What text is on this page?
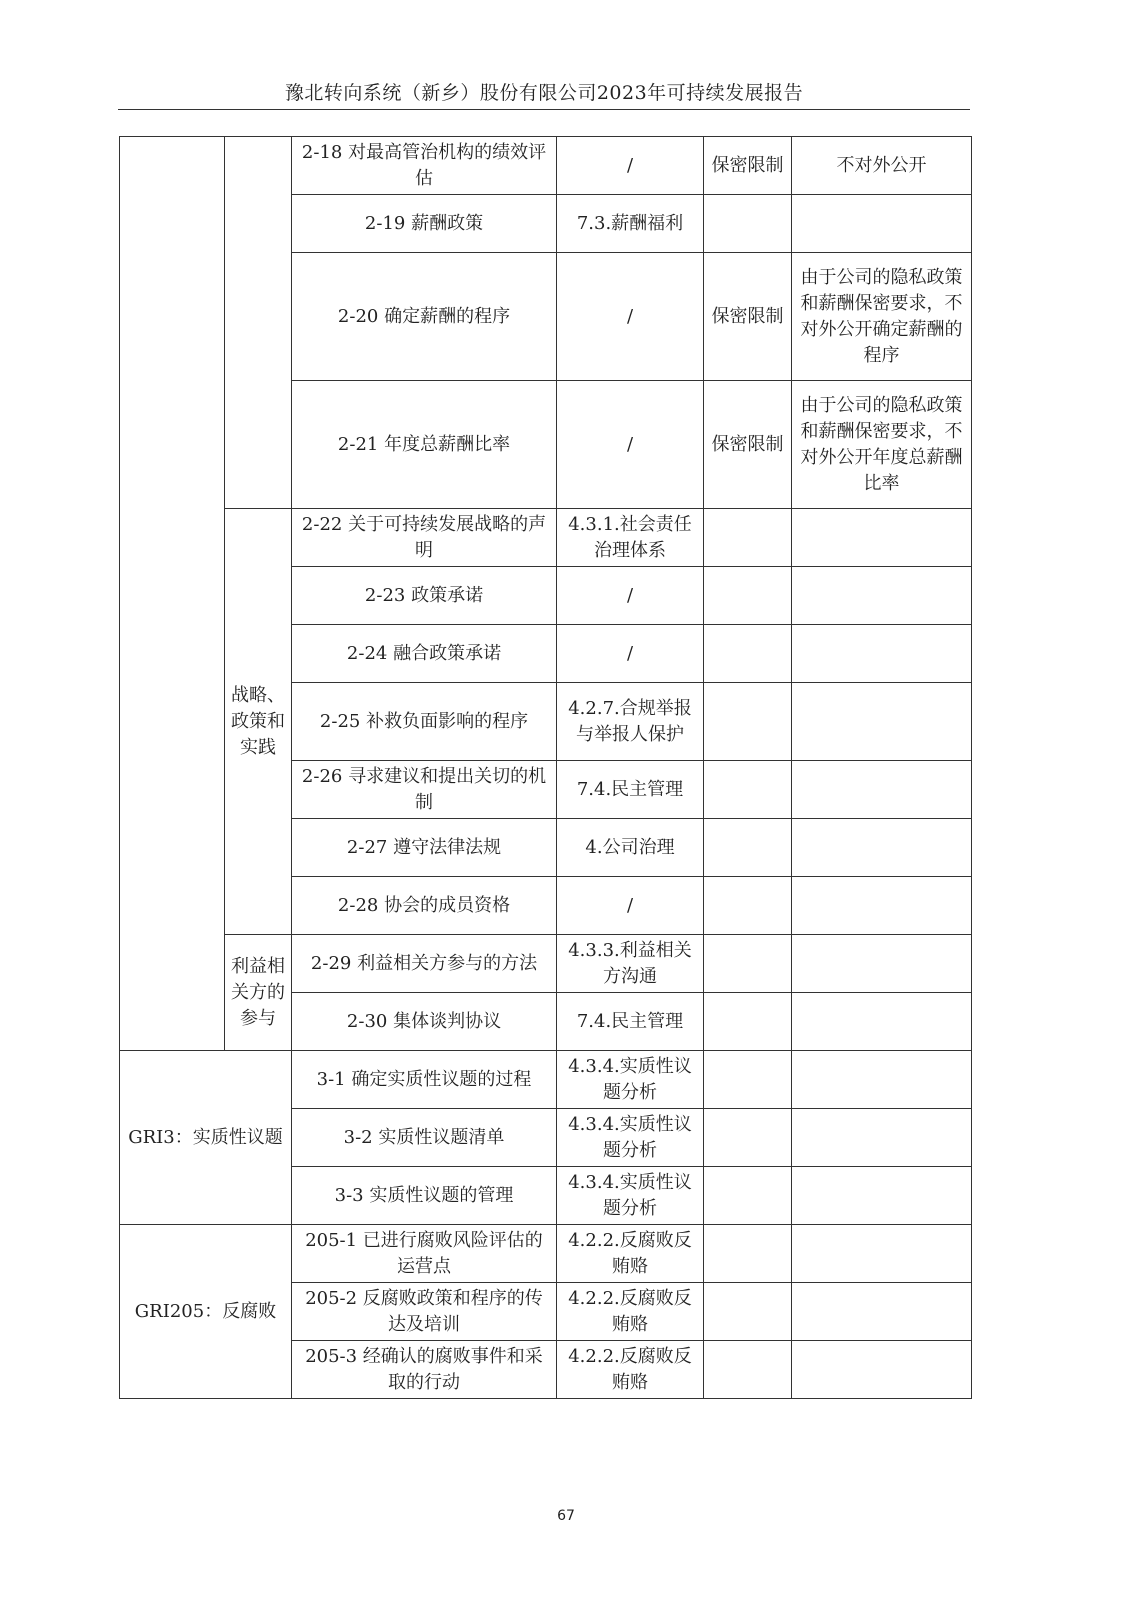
豫北转向系统（新乡）股份有限公司2023年可持续发展报告
		2-18 对最高管治机构的绩效评估	/	保密限制	不对外公开
		2-19 薪酬政策	7.3.薪酬福利		
		2-20 确定薪酬的程序	/	保密限制	由于公司的隐私政策和薪酬保密要求，不对外公开确定薪酬的程序
		2-21 年度总薪酬比率	/	保密限制	由于公司的隐私政策和薪酬保密要求，不对外公开年度总薪酬比率
	战略、政策和实践	2-22 关于可持续发展战略的声明	4.3.1.社会责任治理体系		
		2-23 政策承诺	/		
		2-24 融合政策承诺	/		
		2-25 补救负面影响的程序	4.2.7.合规举报与举报人保护		
		2-26 寻求建议和提出关切的机制	7.4.民主管理		
		2-27 遵守法律法规	4.公司治理		
		2-28 协会的成员资格	/		
	利益相关方的参与	2-29 利益相关方参与的方法	4.3.3.利益相关方沟通		
		2-30 集体谈判协议	7.4.民主管理		
GRI3：实质性议题		3-1 确定实质性议题的过程	4.3.4.实质性议题分析		
		3-2 实质性议题清单	4.3.4.实质性议题分析		
		3-3 实质性议题的管理	4.3.4.实质性议题分析		
GRI205：反腐败		205-1 已进行腐败风险评估的运营点	4.2.2.反腐败反贿赂		
		205-2 反腐败政策和程序的传达及培训	4.2.2.反腐败反贿赂		
		205-3 经确认的腐败事件和采取的行动	4.2.2.反腐败反贿赂		
67
